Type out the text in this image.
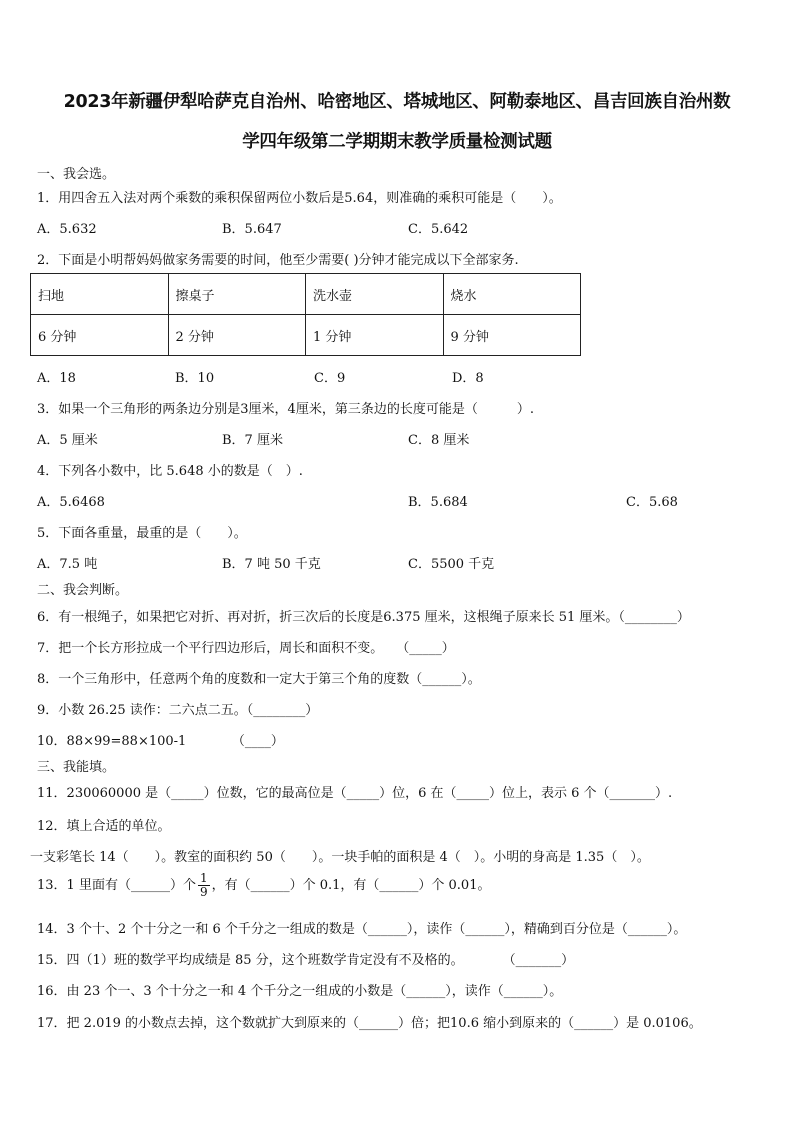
2023年新疆伊犁哈萨克自治州、哈密地区、塔城地区、阿勒泰地区、昌吉回族自治州数
学四年级第二学期期末教学质量检测试题
一、我会选。
1．用四舍五入法对两个乘数的乘积保留两位小数后是5.64，则准确的乘积可能是（　　）。
A．5.632	B．5.647	C．5.642
2．下面是小明帮妈妈做家务需要的时间，他至少需要( )分钟才能完成以下全部家务.
扫地	擦桌子	洗水壶	烧水
6 分钟	2 分钟	1 分钟	9 分钟
A．18	B．10	C．9	D．8
3．如果一个三角形的两条边分别是3厘米，4厘米，第三条边的长度可能是（　　　）.
A．5 厘米	B．7 厘米	C．8 厘米
4．下列各小数中，比 5.648 小的数是（　）.
A．5.6468	B．5.684	C．5.68
5．下面各重量，最重的是（　　）。
A．7.5 吨	B．7 吨 50 千克	C．5500 千克
二、我会判断。
6．有一根绳子，如果把它对折、再对折，折三次后的长度是6.375 厘米，这根绳子原来长 51 厘米。（________）
7．把一个长方形拉成一个平行四边形后，周长和面积不变。　　（_____）
8．一个三角形中，任意两个角的度数和一定大于第三个角的度数（______）。
9．小数 26.25 读作：二六点二五。（________）
10．88×99=88×100-1　　　　（____）
三、我能填。
11．230060000 是（_____）位数，它的最高位是（_____）位，6 在（_____）位上，表示 6 个（_______）.
12．填上合适的单位。
一支彩笔长 14（　　）。教室的面积约 50（　　）。一块手帕的面积是 4（　）。小明的身高是 1.35（　）。
13．1 里面有（______）个 $\frac{1}{9}$ ，有（______）个 0.1，有（______）个 0.01。
14．3 个十、2 个十分之一和 6 个千分之一组成的数是（______），读作（______），精确到百分位是（______）。
15．四（1）班的数学平均成绩是 85 分，这个班数学肯定没有不及格的。　　　　（_______）
16．由 23 个一、3 个十分之一和 4 个千分之一组成的小数是（______），读作（______）。
17．把 2.019 的小数点去掉，这个数就扩大到原来的（______）倍；把10.6 缩小到原来的（______）是 0.0106。
